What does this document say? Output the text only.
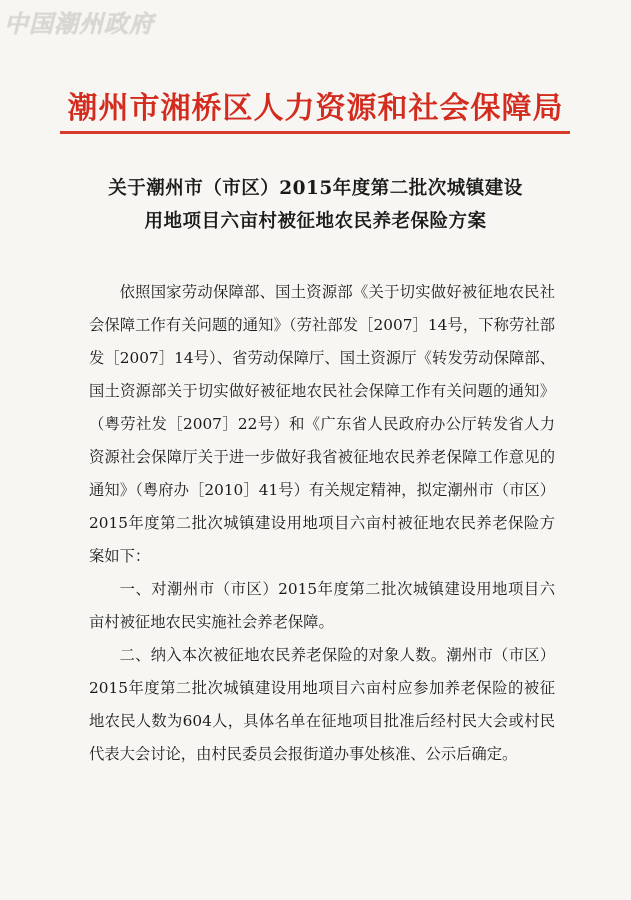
中国潮州政府
潮州市湘桥区人力资源和社会保障局
关于潮州市（市区）2015年度第二批次城镇建设
用地项目六亩村被征地农民养老保险方案

依照国家劳动保障部、国土资源部《关于切实做好被征地农民社会保障工作有关问题的通知》（劳社部发［2007］14号，下称劳社部发［2007］14号）、省劳动保障厅、国土资源厅《转发劳动保障部、国土资源部关于切实做好被征地农民社会保障工作有关问题的通知》（粤劳社发［2007］22号）和《广东省人民政府办公厅转发省人力资源社会保障厅关于进一步做好我省被征地农民养老保障工作意见的通知》（粤府办［2010］41号）有关规定精神，拟定潮州市（市区）2015年度第二批次城镇建设用地项目六亩村被征地农民养老保险方案如下：

一、对潮州市（市区）2015年度第二批次城镇建设用地项目六亩村被征地农民实施社会养老保障。

二、纳入本次被征地农民养老保险的对象人数。潮州市（市区）2015年度第二批次城镇建设用地项目六亩村应参加养老保险的被征地农民人数为604人，具体名单在征地项目批准后经村民大会或村民代表大会讨论，由村民委员会报街道办事处核准、公示后确定。
